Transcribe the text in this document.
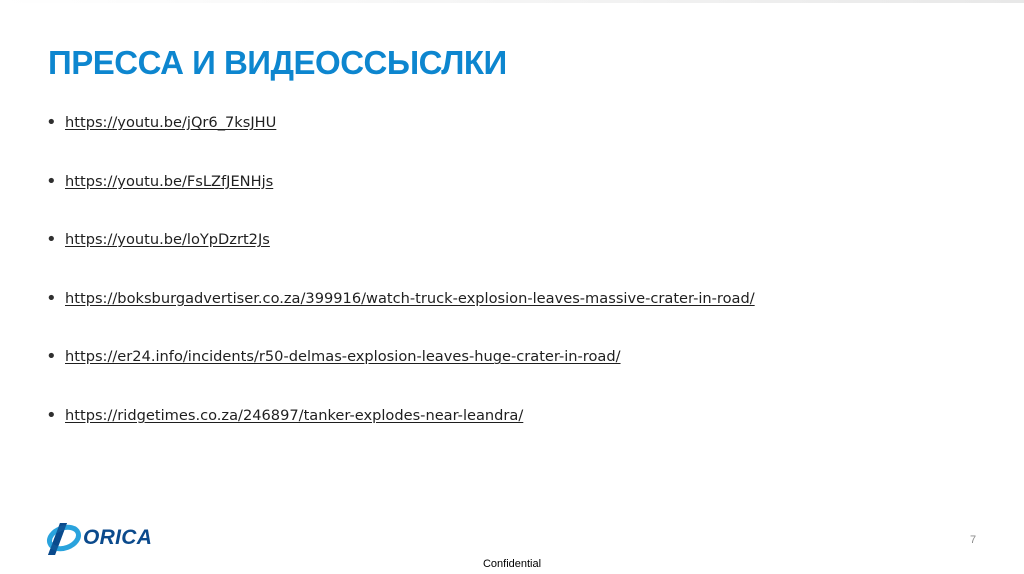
ПРЕССА И ВИДЕОССЫСЛКИ
• https://youtu.be/jQr6_7ksJHU
• https://youtu.be/FsLZfJENHjs
• https://youtu.be/loYpDzrt2Js
• https://boksburgadvertiser.co.za/399916/watch-truck-explosion-leaves-massive-crater-in-road/
• https://er24.info/incidents/r50-delmas-explosion-leaves-huge-crater-in-road/
• https://ridgetimes.co.za/246897/tanker-explodes-near-leandra/
ORICA	7
Confidential
